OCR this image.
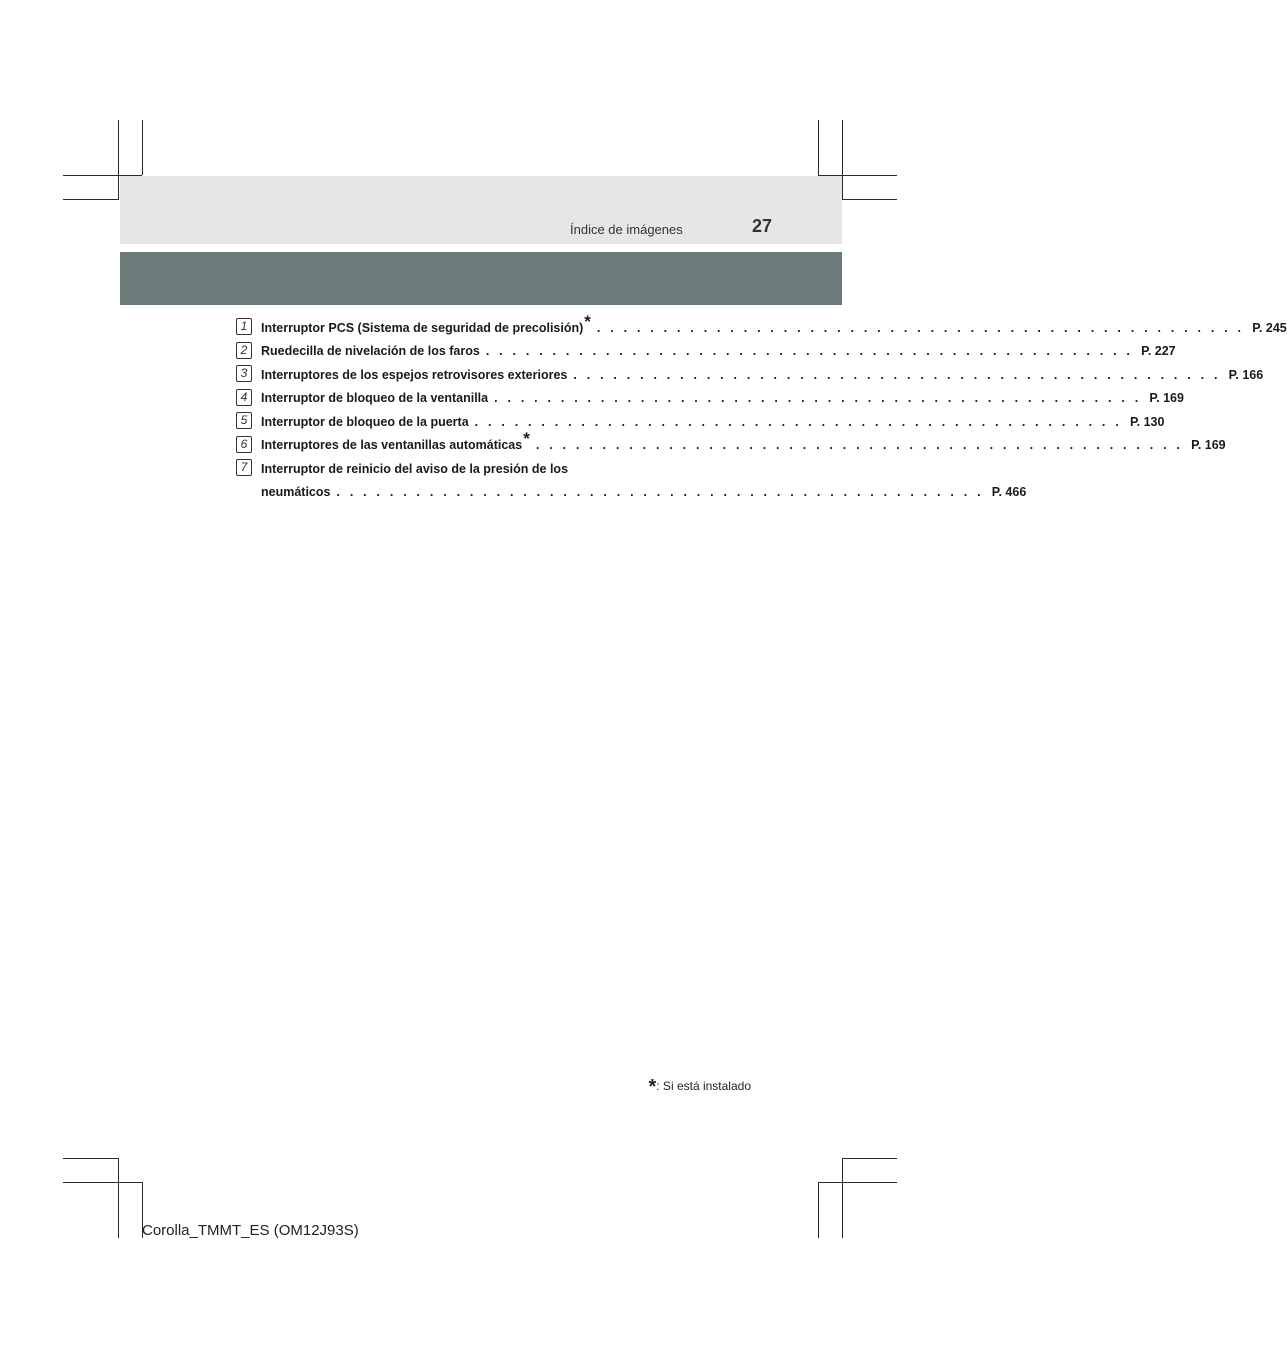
Índice de imágenes	27
1	Interruptor PCS (Sistema de seguridad de precolisión)* . . . . . . . . . . . . . . . . . . . . . . . . . . . . . . . . . . . . . . . . . . . . . . . . . P. 245
2	Ruedecilla de nivelación de los faros . . . . . . . . . . . . . . . . . . . . . . . . . . . . . . . . . . . . . . . . . . . . . . . . . P. 227
3	Interruptores de los espejos retrovisores exteriores . . . . . . . . . . . . . . . . . . . . . . . . . . . . . . . . . . . . . . . . . . . . . . . . . P. 166
4	Interruptor de bloqueo de la ventanilla . . . . . . . . . . . . . . . . . . . . . . . . . . . . . . . . . . . . . . . . . . . . . . . . . P. 169
5	Interruptor de bloqueo de la puerta . . . . . . . . . . . . . . . . . . . . . . . . . . . . . . . . . . . . . . . . . . . . . . . . . P. 130
6	Interruptores de las ventanillas automáticas* . . . . . . . . . . . . . . . . . . . . . . . . . . . . . . . . . . . . . . . . . . . . . . . . . P. 169
7	Interruptor de reinicio del aviso de la presión de los
neumáticos . . . . . . . . . . . . . . . . . . . . . . . . . . . . . . . . . . . . . . . . . . . . . . . . . P. 466
*: Si está instalado
Corolla_TMMT_ES (OM12J93S)
